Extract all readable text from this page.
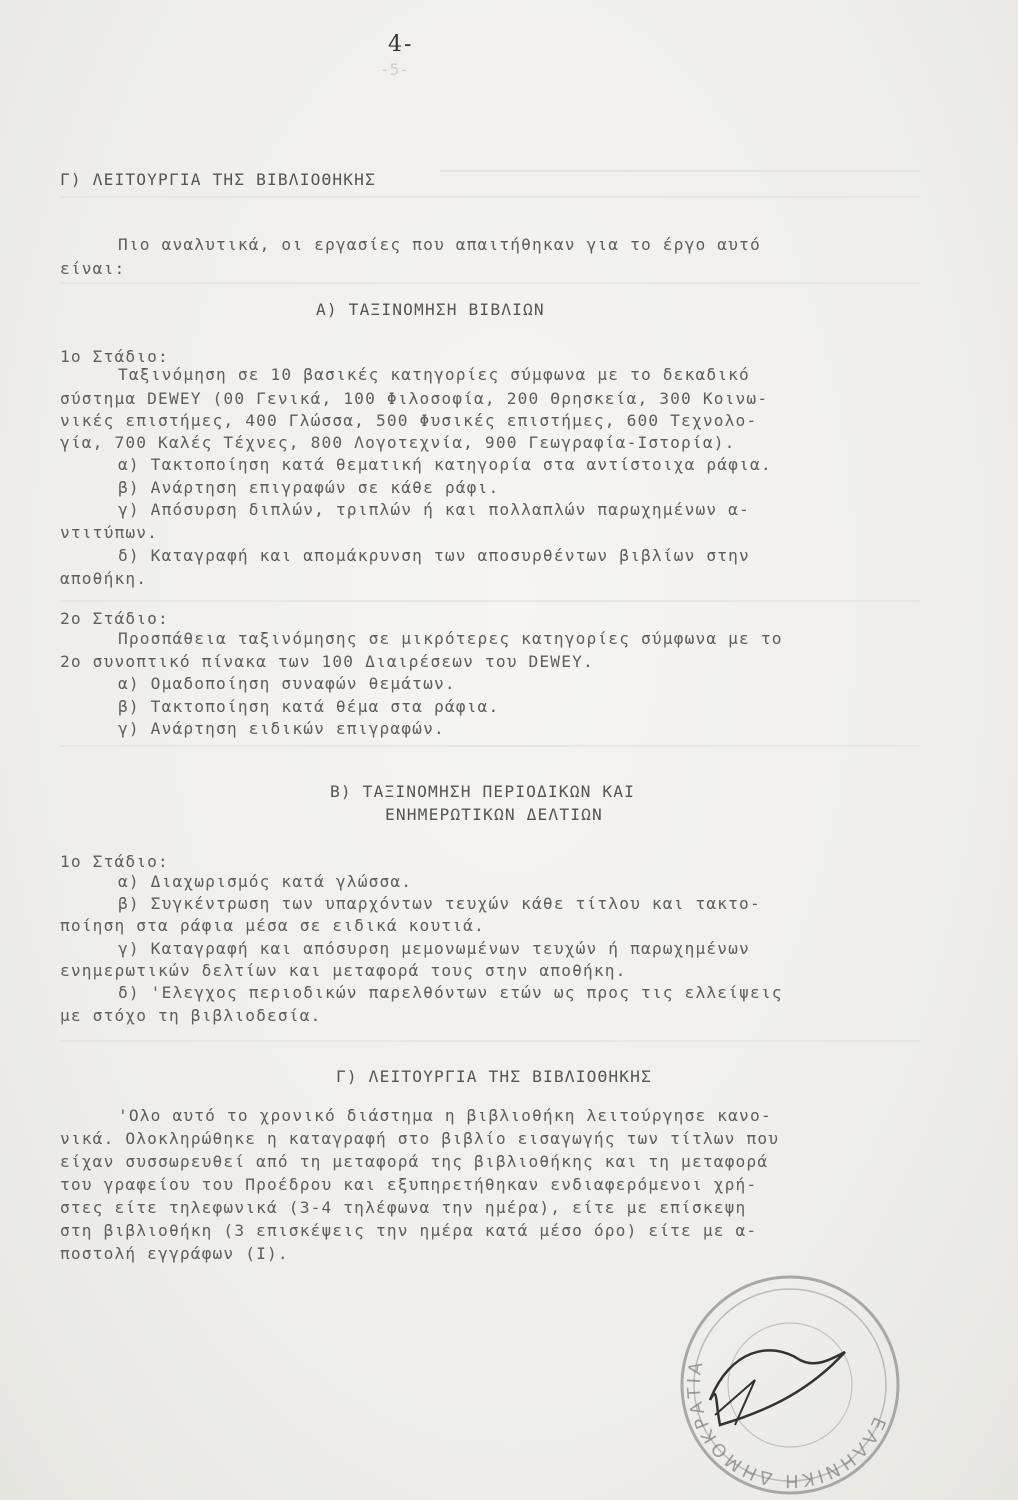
4-
-5-
Γ) ΛΕΙΤΟΥΡΓΙΑ ΤΗΣ ΒΙΒΛΙΟΘΗΚΗΣ
Πιο αναλυτικά, οι εργασίες που απαιτήθηκαν για το έργο αυτό
είναι:
Α) ΤΑΞΙΝΟΜΗΣΗ ΒΙΒΛΙΩΝ
1ο Στάδιο:
Ταξινόμηση σε 10 βασικές κατηγορίες σύμφωνα με το δεκαδικό
σύστημα DEWEY (00 Γενικά, 100 Φιλοσοφία, 200 Θρησκεία, 300 Κοινω-
νικές επιστήμες, 400 Γλώσσα, 500 Φυσικές επιστήμες, 600 Τεχνολο-
γία, 700 Καλές Τέχνες, 800 Λογοτεχνία, 900 Γεωγραφία-Ιστορία).
α) Τακτοποίηση κατά θεματική κατηγορία στα αντίστοιχα ράφια.
β) Ανάρτηση επιγραφών σε κάθε ράφι.
γ) Απόσυρση διπλών, τριπλών ή και πολλαπλών παρωχημένων α-
ντιτύπων.
δ) Καταγραφή και απομάκρυνση των αποσυρθέντων βιβλίων στην
αποθήκη.
2ο Στάδιο:
Προσπάθεια ταξινόμησης σε μικρότερες κατηγορίες σύμφωνα με το
2ο συνοπτικό πίνακα των 100 Διαιρέσεων του DEWEY.
α) Ομαδοποίηση συναφών θεμάτων.
β) Τακτοποίηση κατά θέμα στα ράφια.
γ) Ανάρτηση ειδικών επιγραφών.
Β) ΤΑΞΙΝΟΜΗΣΗ ΠΕΡΙΟΔΙΚΩΝ ΚΑΙ
ΕΝΗΜΕΡΩΤΙΚΩΝ ΔΕΛΤΙΩΝ
1ο Στάδιο:
α) Διαχωρισμός κατά γλώσσα.
β) Συγκέντρωση των υπαρχόντων τευχών κάθε τίτλου και τακτο-
ποίηση στα ράφια μέσα σε ειδικά κουτιά.
γ) Καταγραφή και απόσυρση μεμονωμένων τευχών ή παρωχημένων
ενημερωτικών δελτίων και μεταφορά τους στην αποθήκη.
δ) 'Ελεγχος περιοδικών παρελθόντων ετών ως προς τις ελλείψεις
με στόχο τη βιβλιοδεσία.
Γ) ΛΕΙΤΟΥΡΓΙΑ ΤΗΣ ΒΙΒΛΙΟΘΗΚΗΣ
'Ολο αυτό το χρονικό διάστημα η βιβλιοθήκη λειτούργησε κανο-
νικά. Ολοκληρώθηκε η καταγραφή στο βιβλίο εισαγωγής των τίτλων που
είχαν συσσωρευθεί από τη μεταφορά της βιβλιοθήκης και τη μεταφορά
του γραφείου του Προέδρου και εξυπηρετήθηκαν ενδιαφερόμενοι χρή-
στες είτε τηλεφωνικά (3-4 τηλέφωνα την ημέρα), είτε με επίσκεψη
στη βιβλιοθήκη (3 επισκέψεις την ημέρα κατά μέσο όρο) είτε με α-
ποστολή εγγράφων (Ι).
ΕΛΛΗΝΙΚΗ ΔΗΜΟΚΡΑΤΙΑ
